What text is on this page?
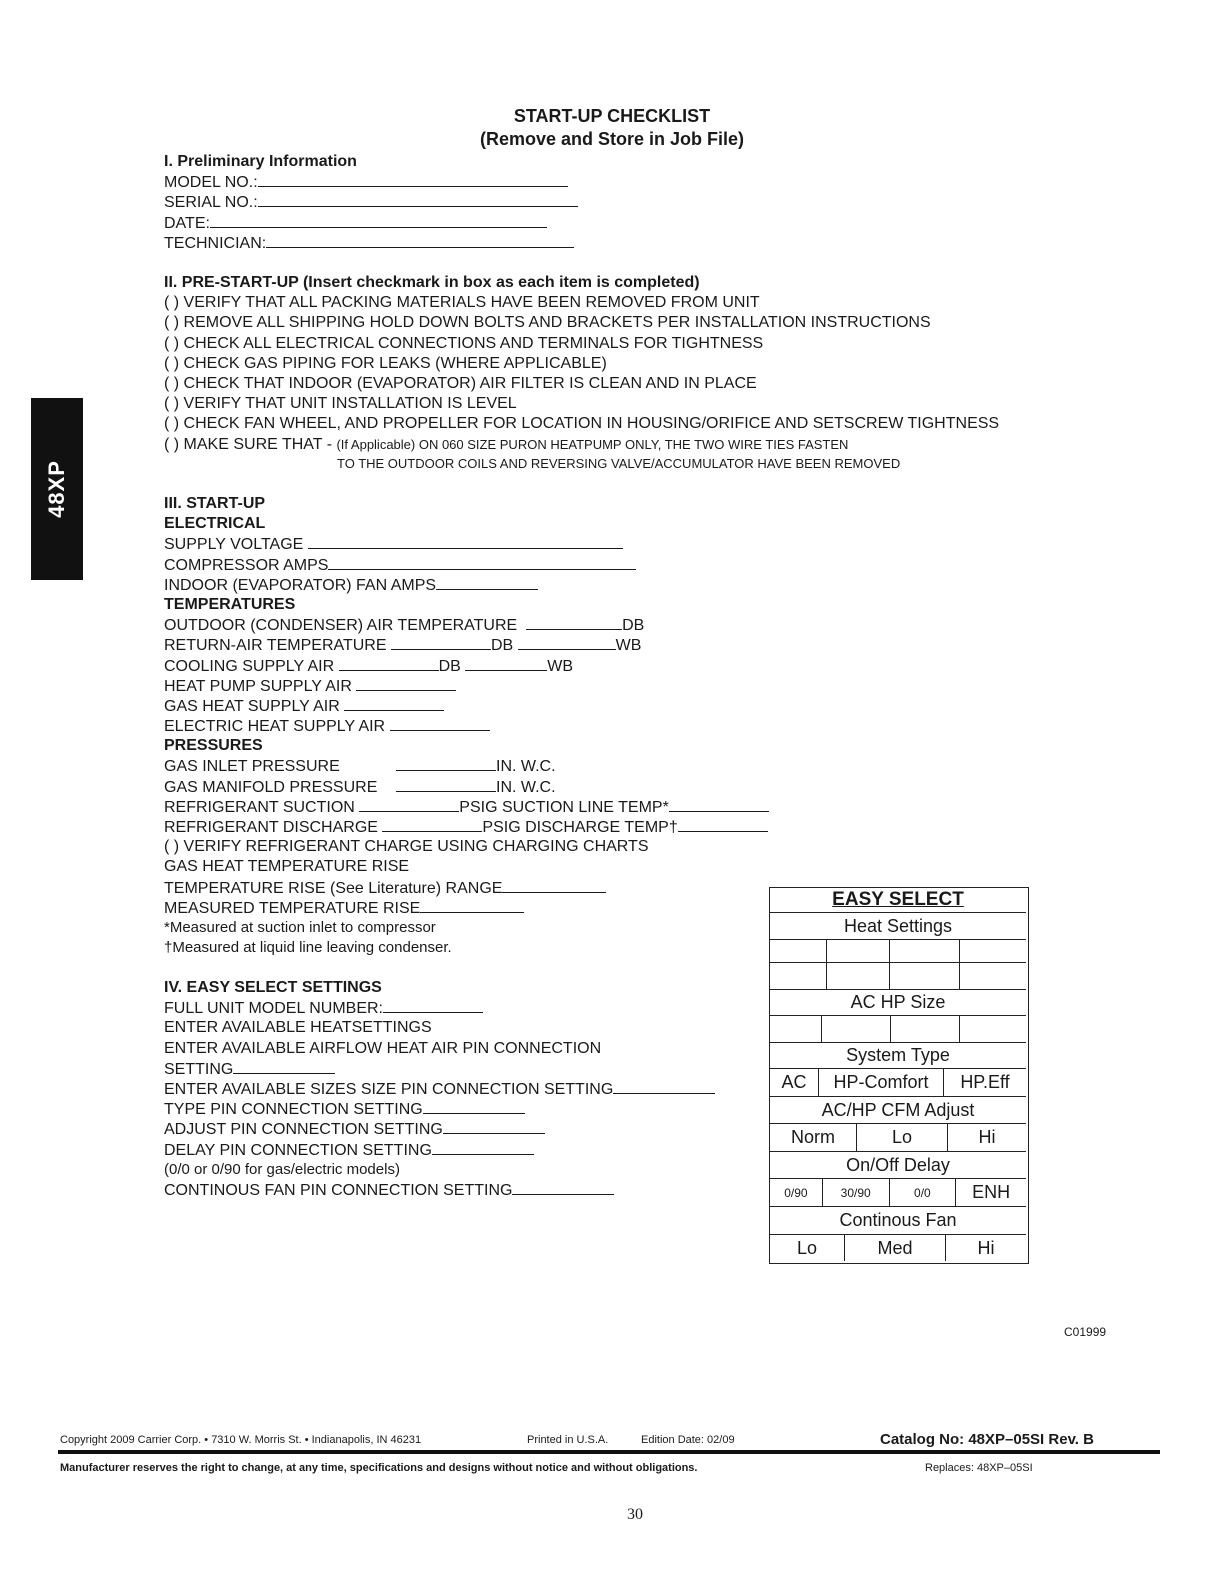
48XP
START-UP CHECKLIST
(Remove and Store in Job File)
I. Preliminary Information
MODEL NO.:
SERIAL NO.:
DATE:
TECHNICIAN:
II. PRE-START-UP (Insert checkmark in box as each item is completed)
( ) VERIFY THAT ALL PACKING MATERIALS HAVE BEEN REMOVED FROM UNIT
( ) REMOVE ALL SHIPPING HOLD DOWN BOLTS AND BRACKETS PER INSTALLATION INSTRUCTIONS
( ) CHECK ALL ELECTRICAL CONNECTIONS AND TERMINALS FOR TIGHTNESS
( ) CHECK GAS PIPING FOR LEAKS (WHERE APPLICABLE)
( ) CHECK THAT INDOOR (EVAPORATOR) AIR FILTER IS CLEAN AND IN PLACE
( ) VERIFY THAT UNIT INSTALLATION IS LEVEL
( ) CHECK FAN WHEEL, AND PROPELLER FOR LOCATION IN HOUSING/ORIFICE AND SETSCREW TIGHTNESS
( ) MAKE SURE THAT - (If Applicable) ON 060 SIZE PURON HEATPUMP ONLY, THE TWO WIRE TIES FASTEN
TO THE OUTDOOR COILS AND REVERSING VALVE/ACCUMULATOR HAVE BEEN REMOVED
III. START-UP
ELECTRICAL
SUPPLY VOLTAGE
COMPRESSOR AMPS
INDOOR (EVAPORATOR) FAN AMPS
TEMPERATURES
OUTDOOR (CONDENSER) AIR TEMPERATURE	DB
RETURN-AIR TEMPERATURE	DB	WB
COOLING SUPPLY AIR	DB	WB
HEAT PUMP SUPPLY AIR
GAS HEAT SUPPLY AIR
ELECTRIC HEAT SUPPLY AIR
PRESSURES
GAS INLET PRESSURE	IN. W.C.
GAS MANIFOLD PRESSURE	IN. W.C.
REFRIGERANT SUCTION	PSIG SUCTION LINE TEMP*
REFRIGERANT DISCHARGE	PSIG DISCHARGE TEMP†
( ) VERIFY REFRIGERANT CHARGE USING CHARGING CHARTS
GAS HEAT TEMPERATURE RISE
TEMPERATURE RISE (See Literature) RANGE
MEASURED TEMPERATURE RISE
*Measured at suction inlet to compressor
†Measured at liquid line leaving condenser.
IV. EASY SELECT SETTINGS
FULL UNIT MODEL NUMBER:
ENTER AVAILABLE HEATSETTINGS
ENTER AVAILABLE AIRFLOW HEAT AIR PIN CONNECTION
SETTING
ENTER AVAILABLE SIZES SIZE PIN CONNECTION SETTING
TYPE PIN CONNECTION SETTING
ADJUST PIN CONNECTION SETTING
DELAY PIN CONNECTION SETTING
(0/0 or 0/90 for gas/electric models)
CONTINOUS FAN PIN CONNECTION SETTING
EASY SELECT
Heat Settings
AC HP Size
System Type
AC	HP-Comfort	HP.Eff
AC/HP CFM Adjust
Norm	Lo	Hi
On/Off Delay
0/90	30/90	0/0	ENH
Continous Fan
Lo	Med	Hi
C01999
Copyright 2009 Carrier Corp. • 7310 W. Morris St. • Indianapolis, IN 46231	Printed in U.S.A.	Edition Date: 02/09	Catalog No: 48XP–05SI Rev. B
Manufacturer reserves the right to change, at any time, specifications and designs without notice and without obligations.	Replaces: 48XP–05SI
30
